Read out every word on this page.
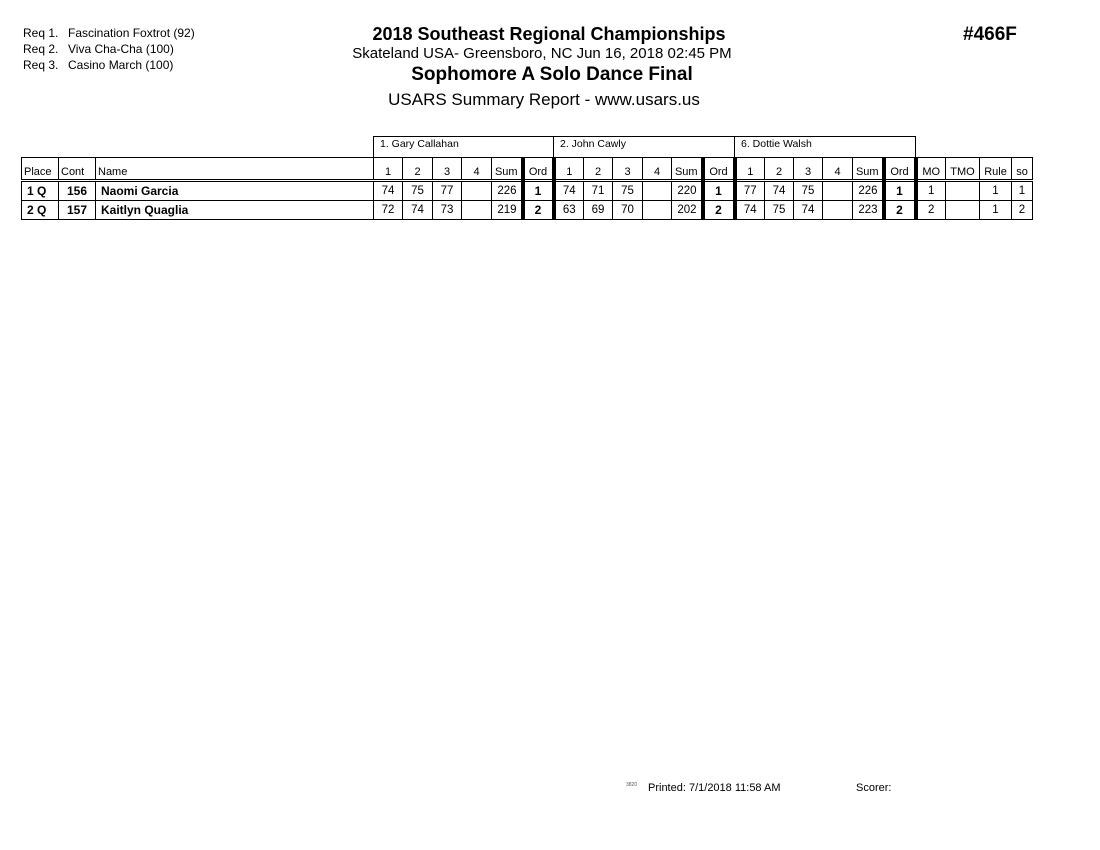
Req 1. Fascination Foxtrot (92)
Req 2. Viva Cha-Cha (100)
Req 3. Casino March (100)
2018 Southeast Regional Championships
Skateland USA- Greensboro, NC Jun 16, 2018 02:45 PM
Sophomore A Solo Dance Final
USARS Summary Report - www.usars.us
#466F
1. Gary Callahan	2. John Cawly	6. Dottie Walsh
Place	Cont	Name	1	2	3	4	Sum	Ord	1	2	3	4	Sum	Ord	1	2	3	4	Sum	Ord	MO	TMO	Rule	so
1 Q	156	Naomi Garcia	74	75	77		226	1	74	71	75		220	1	77	74	75		226	1	1		1	1
2 Q	157	Kaitlyn Quaglia	72	74	73		219	2	63	69	70		202	2	74	75	74		223	2	2		1	2
3820 Printed: 7/1/2018 11:58 AM	Scorer:
